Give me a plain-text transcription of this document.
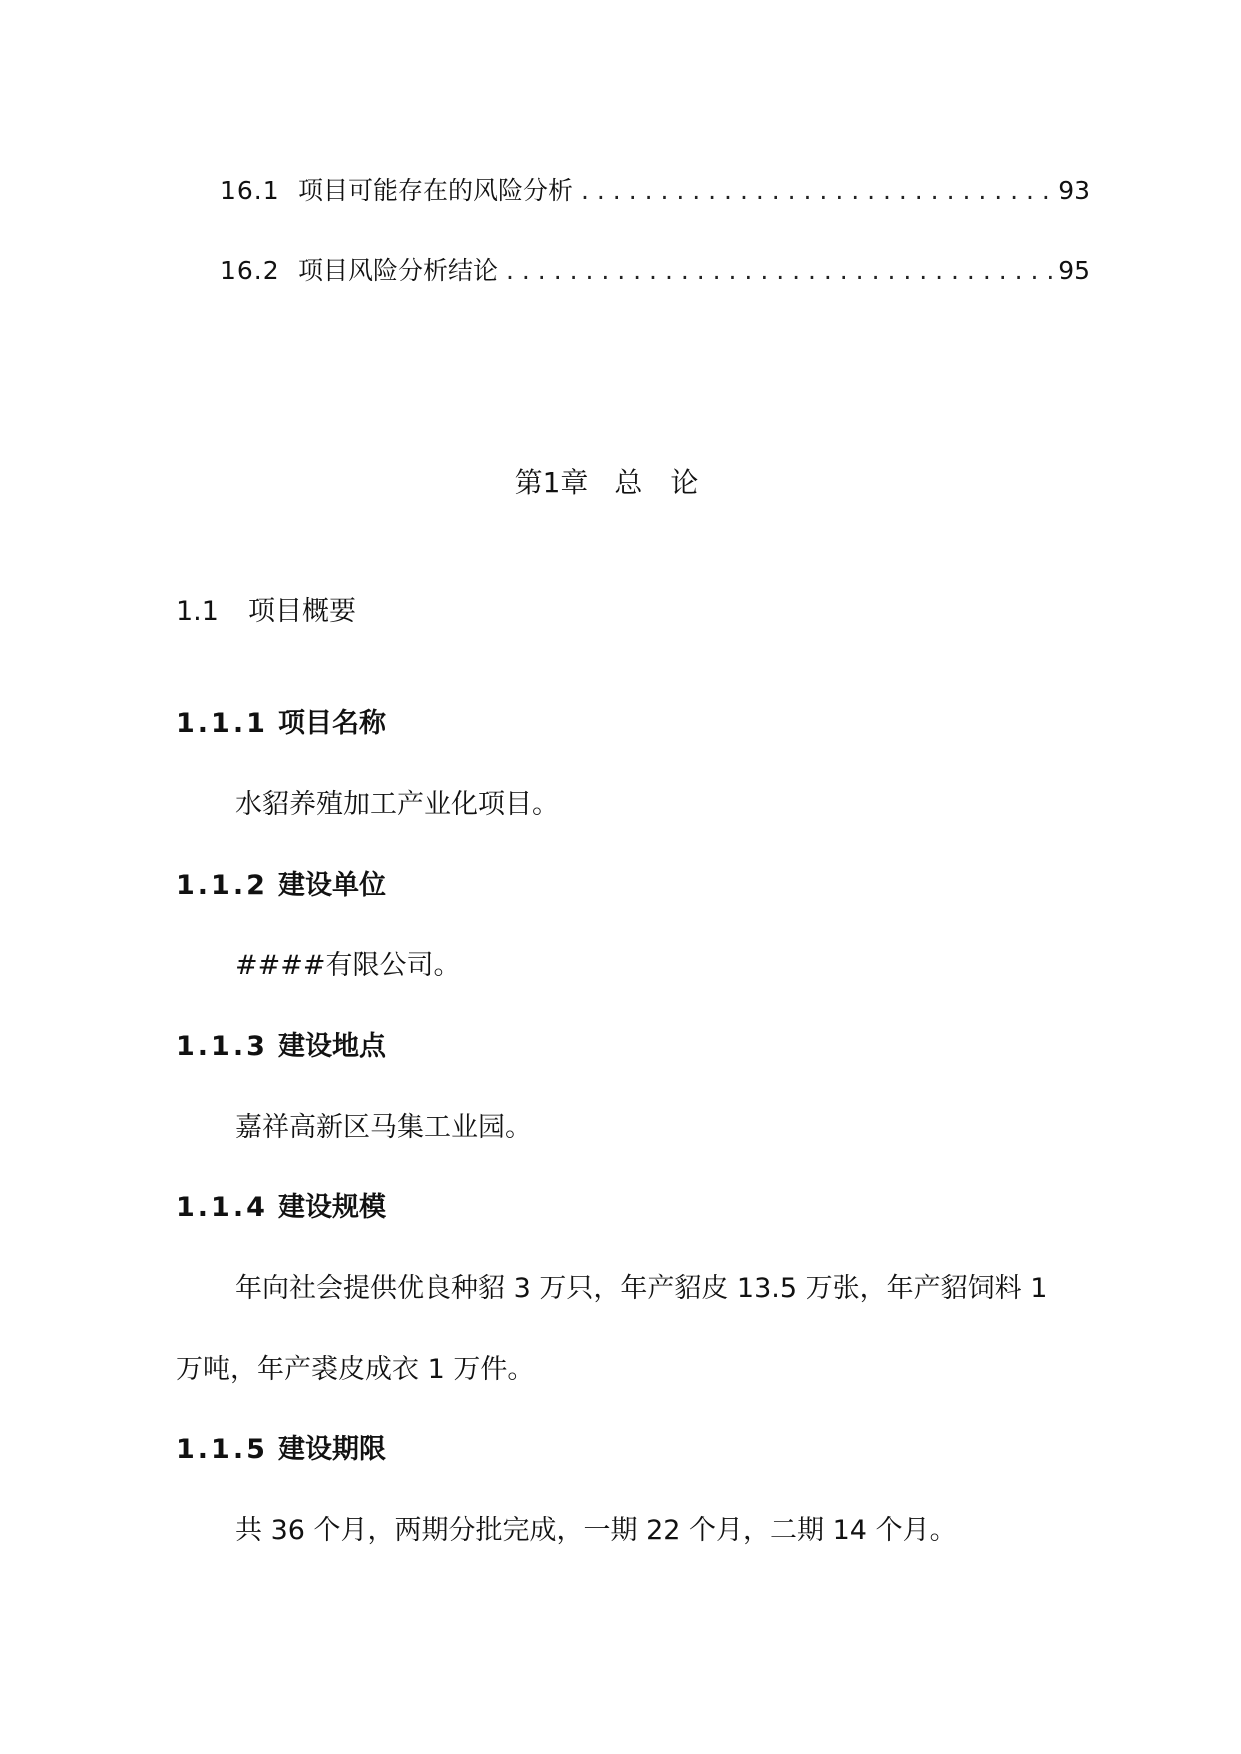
16.1 项目可能存在的风险分析 . . .	93
16.2 项目风险分析结论 . . .	95
第1章 总论
1.1 项目概要
1.1.1 项目名称
水貂养殖加工产业化项目。
1.1.2 建设单位
####有限公司。
1.1.3 建设地点
嘉祥高新区马集工业园。
1.1.4 建设规模
年向社会提供优良种貂 3 万只，年产貂皮 13.5 万张，年产貂饲料 1
万吨，年产裘皮成衣 1 万件。
1.1.5 建设期限
共 36 个月，两期分批完成，一期 22 个月，二期 14 个月。
